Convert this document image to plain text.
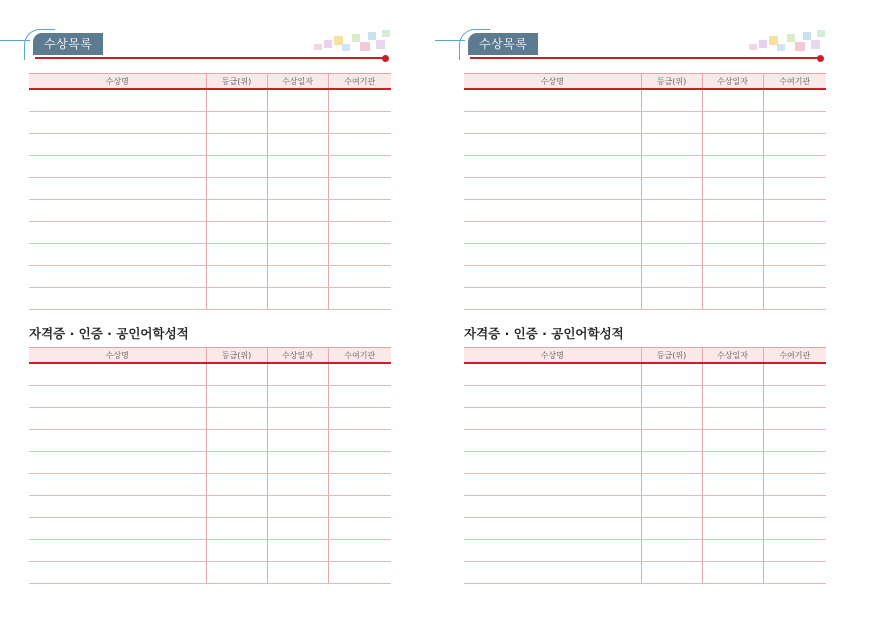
수상목록
수상명	등급(위)	수상일자	수여기관

자격증 · 인증 · 공인어학성적
수상명	등급(위)	수상일자	수여기관

수상목록
수상명	등급(위)	수상일자	수여기관

자격증 · 인증 · 공인어학성적
수상명	등급(위)	수상일자	수여기관
